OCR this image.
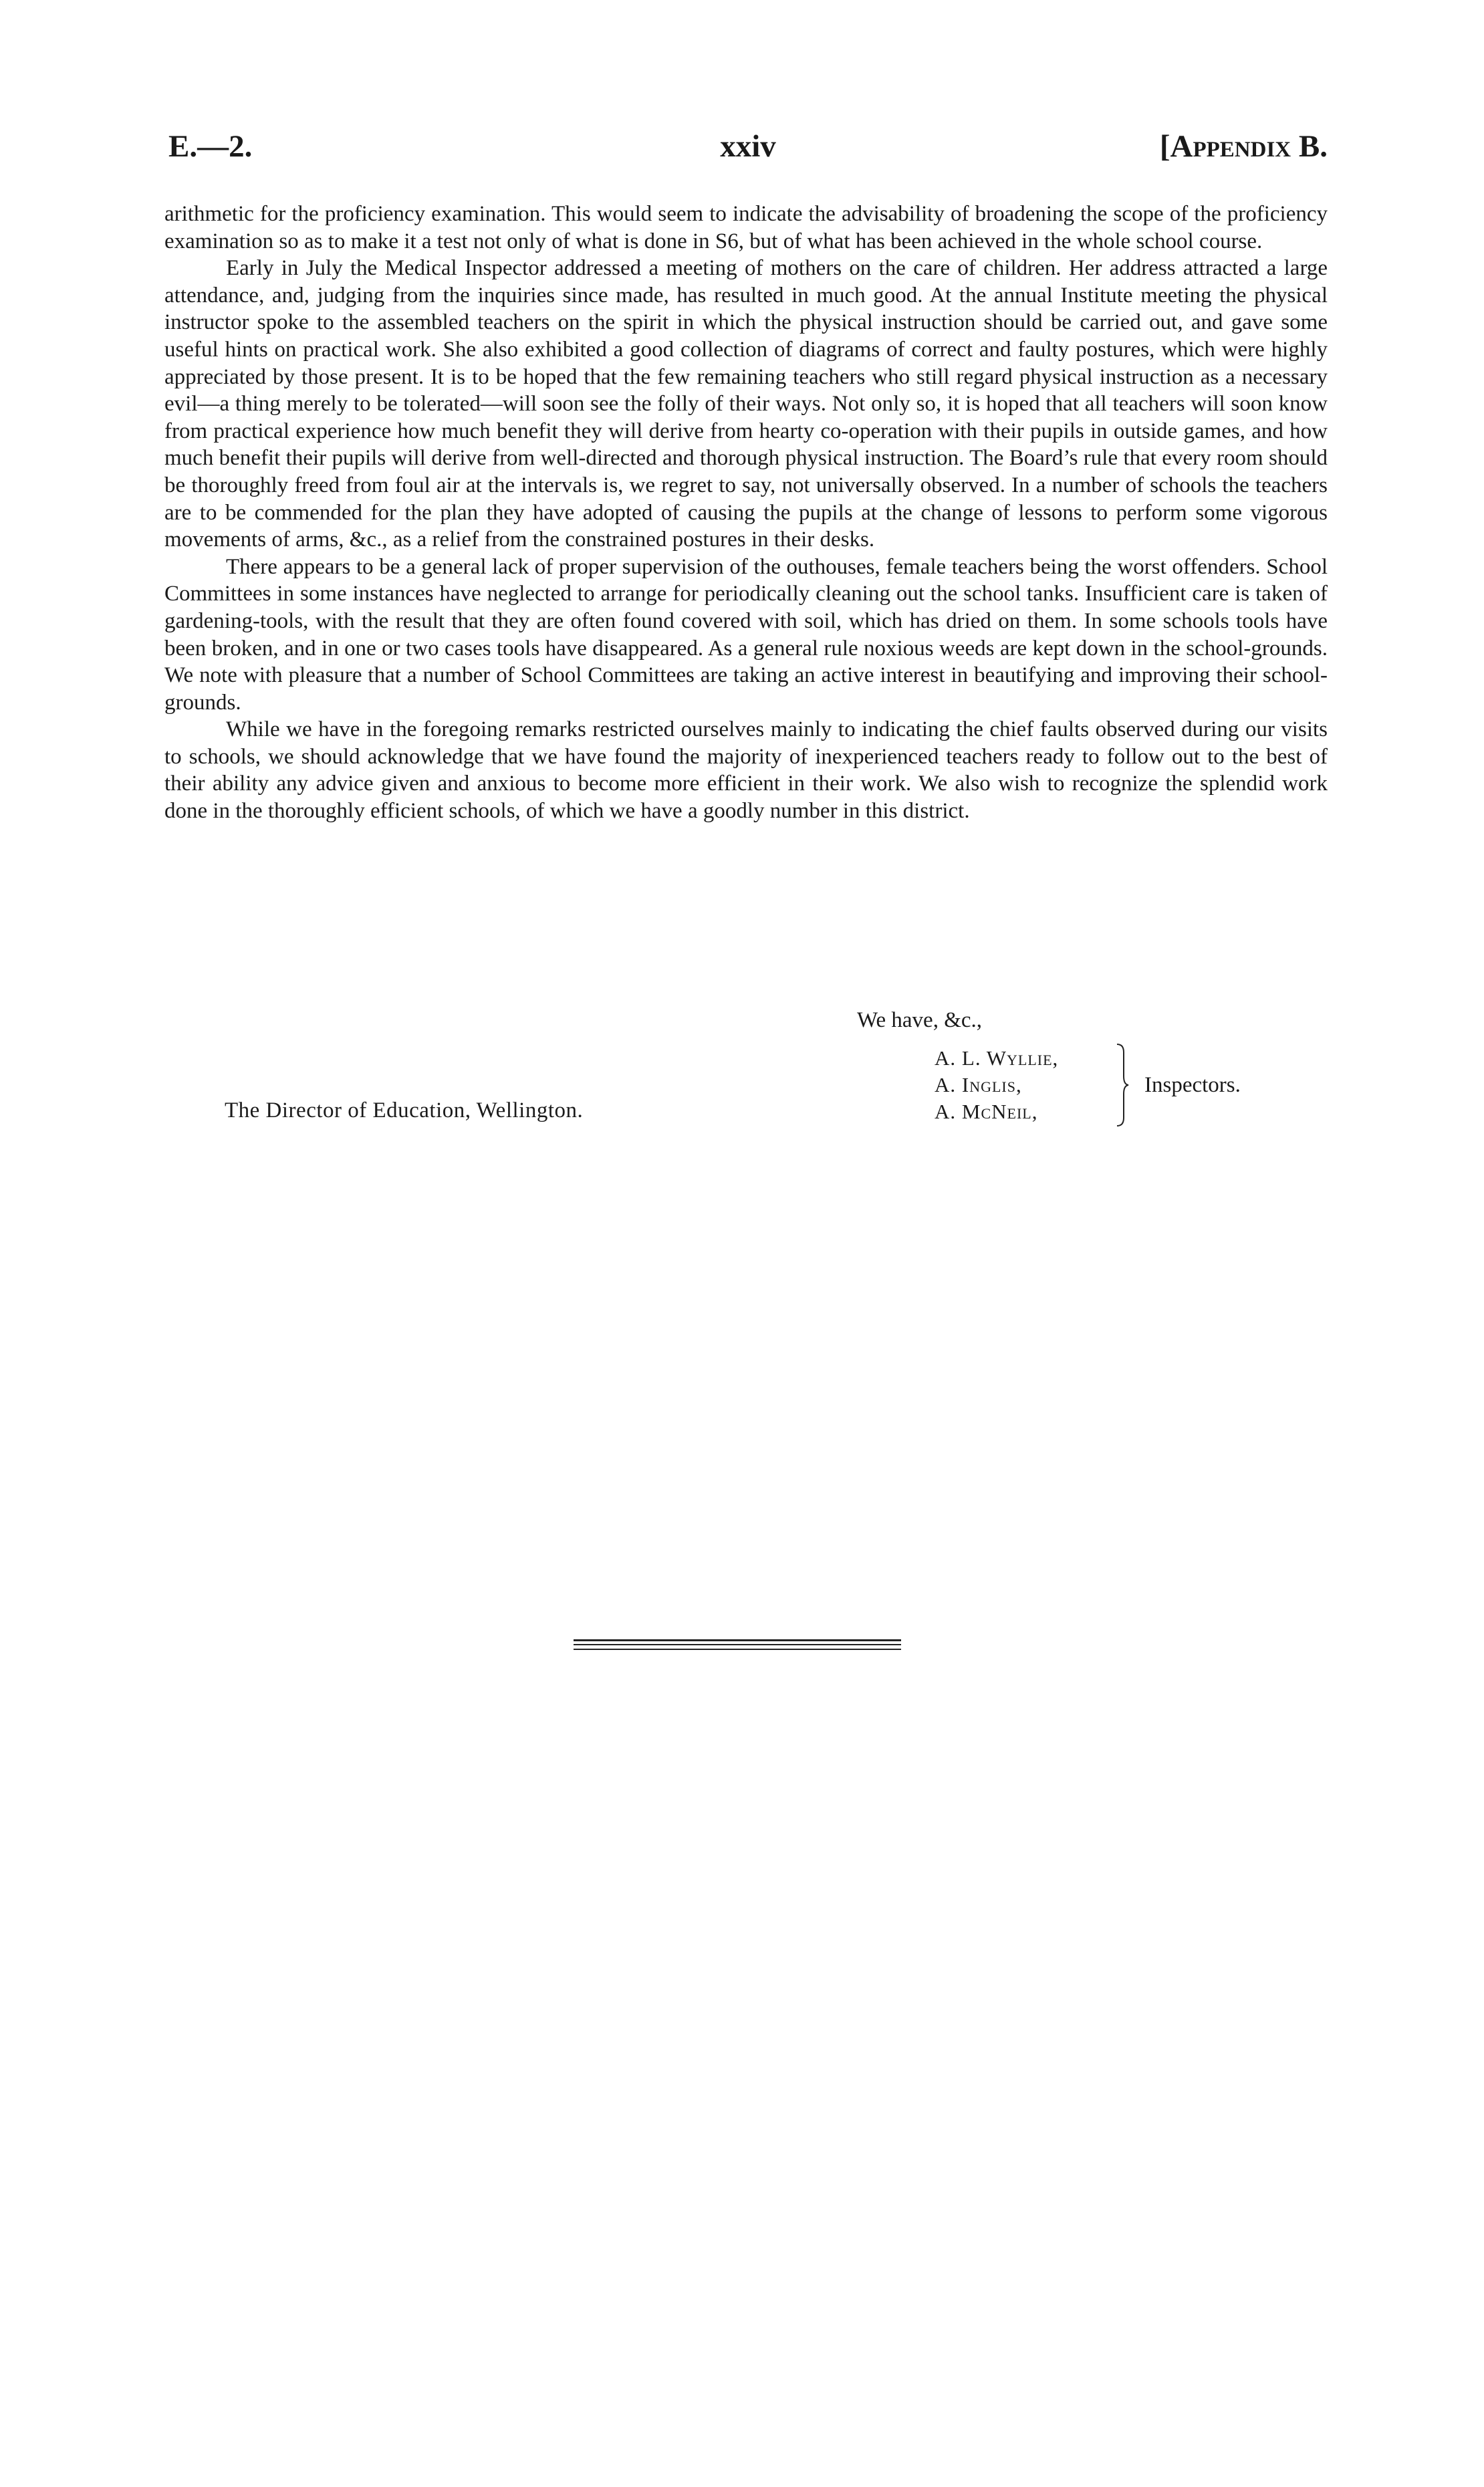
E.—2.	xxiv	[Appendix B.

arithmetic for the proficiency examination. This would seem to indicate the advisability of broadening the scope of the proficiency examination so as to make it a test not only of what is done in S6, but of what has been achieved in the whole school course.

Early in July the Medical Inspector addressed a meeting of mothers on the care of children. Her address attracted a large attendance, and, judging from the inquiries since made, has resulted in much good. At the annual Institute meeting the physical instructor spoke to the assembled teachers on the spirit in which the physical instruction should be carried out, and gave some useful hints on practical work. She also exhibited a good collection of diagrams of correct and faulty postures, which were highly appreciated by those present. It is to be hoped that the few remaining teachers who still regard physical instruction as a necessary evil—a thing merely to be tolerated—will soon see the folly of their ways. Not only so, it is hoped that all teachers will soon know from practical experience how much benefit they will derive from hearty co-operation with their pupils in outside games, and how much benefit their pupils will derive from well-directed and thorough physical instruction. The Board’s rule that every room should be thoroughly freed from foul air at the intervals is, we regret to say, not universally observed. In a number of schools the teachers are to be commended for the plan they have adopted of causing the pupils at the change of lessons to perform some vigorous movements of arms, &c., as a relief from the constrained postures in their desks.

There appears to be a general lack of proper supervision of the outhouses, female teachers being the worst offenders. School Committees in some instances have neglected to arrange for periodically cleaning out the school tanks. Insufficient care is taken of gardening-tools, with the result that they are often found covered with soil, which has dried on them. In some schools tools have been broken, and in one or two cases tools have disappeared. As a general rule noxious weeds are kept down in the school-grounds. We note with pleasure that a number of School Committees are taking an active interest in beautifying and improving their school-grounds.

While we have in the foregoing remarks restricted ourselves mainly to indicating the chief faults observed during our visits to schools, we should acknowledge that we have found the majority of inexperienced teachers ready to follow out to the best of their ability any advice given and anxious to become more efficient in their work. We also wish to recognize the splendid work done in the thoroughly efficient schools, of which we have a goodly number in this district.

We have, &c.,
A. L. Wyllie,
A. Inglis,
A. McNeil,
Inspectors.
The Director of Education, Wellington.
